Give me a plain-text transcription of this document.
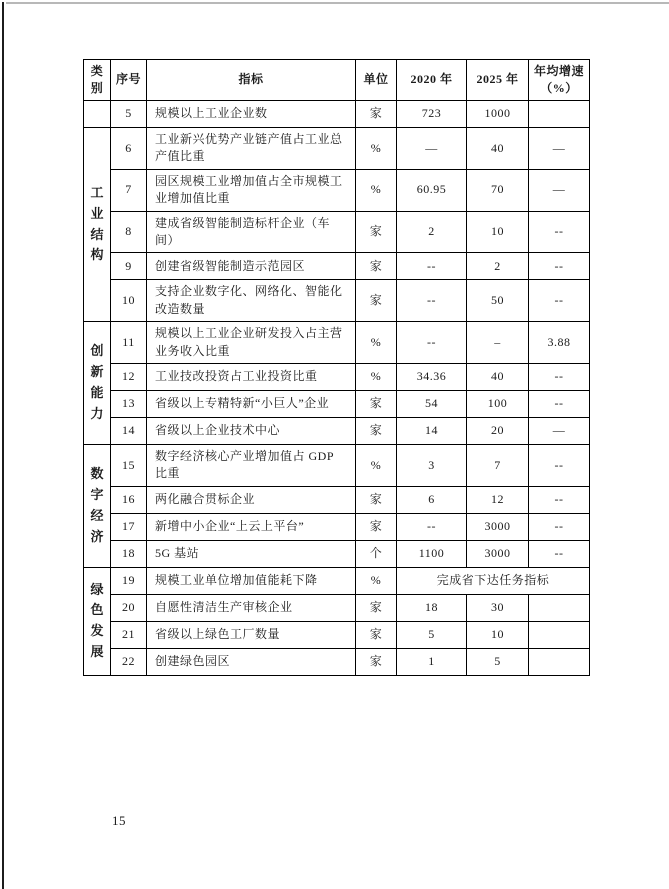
类别	序号	指标	单位	2020 年	2025 年	年均增速
（%）

	5	规模以上工业企业数	家	723	1000	
工业结构	6	工业新兴优势产业链产值占工业总产值比重	%	—	40	—
	7	园区规模工业增加值占全市规模工业增加值比重	%	60.95	70	—
	8	建成省级智能制造标杆企业（车间）	家	2	10	--
	9	创建省级智能制造示范园区	家	--	2	--
	10	支持企业数字化、网络化、智能化改造数量	家	--	50	--
创新能力	11	规模以上工业企业研发投入占主营业务收入比重	%	--	–	3.88
	12	工业技改投资占工业投资比重	%	34.36	40	--
	13	省级以上专精特新“小巨人”企业	家	54	100	--
	14	省级以上企业技术中心	家	14	20	—
数字经济	15	数字经济核心产业增加值占 GDP 比重	%	3	7	--
	16	两化融合贯标企业	家	6	12	--
	17	新增中小企业“上云上平台”	家	--	3000	--
	18	5G 基站	个	1100	3000	--
绿色发展	19	规模工业单位增加值能耗下降	%	完成省下达任务指标		
	20	自愿性清洁生产审核企业	家	18	30	
	21	省级以上绿色工厂数量	家	5	10	
	22	创建绿色园区	家	1	5	
15
